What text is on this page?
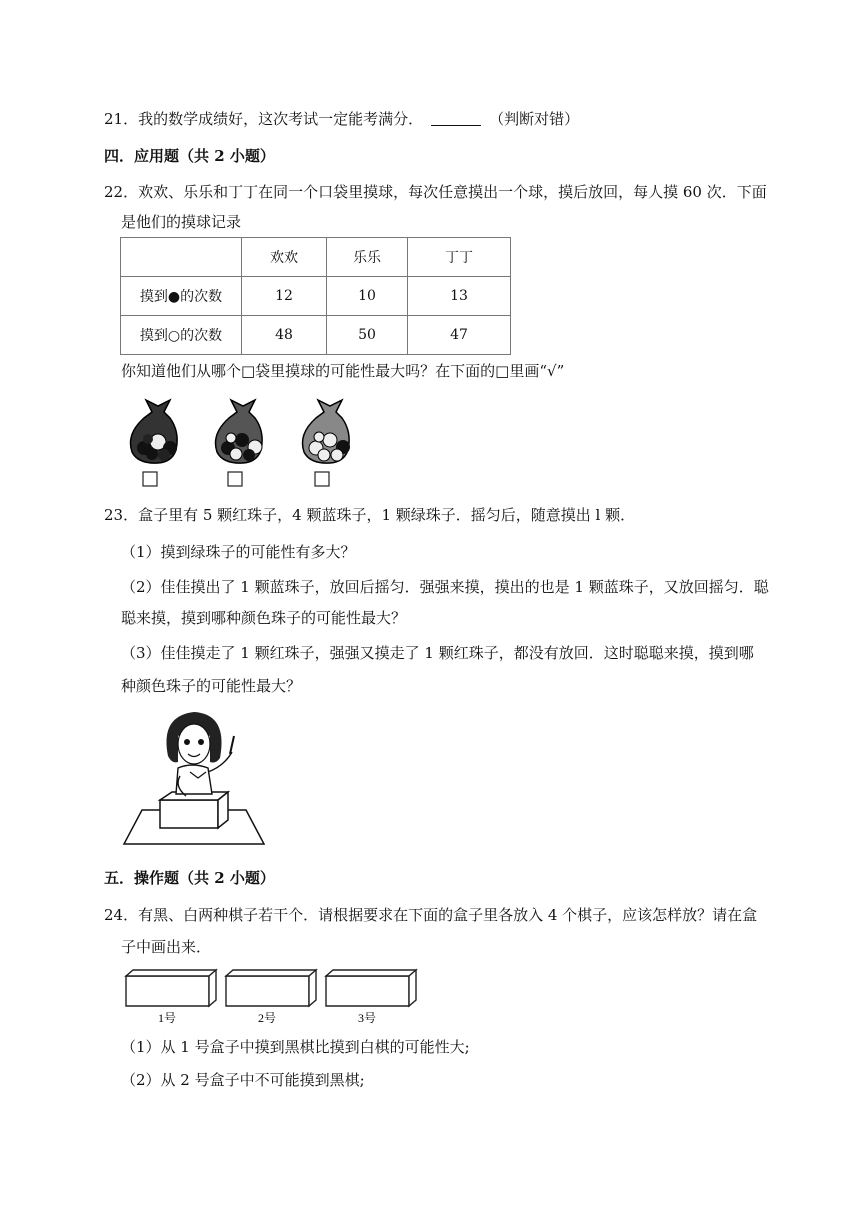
21．我的数学成绩好，这次考试一定能考满分．	（判断对错）
四．应用题（共 2 小题）
22．欢欢、乐乐和丁丁在同一个口袋里摸球，每次任意摸出一个球，摸后放回，每人摸 60 次．下面
是他们的摸球记录
	欢欢	乐乐	丁丁
摸到●的次数	12	10	13
摸到○的次数	48	50	47
你知道他们从哪个□袋里摸球的可能性最大吗？在下面的□里画“√”
23．盒子里有 5 颗红珠子，4 颗蓝珠子，1 颗绿珠子．摇匀后，随意摸出 l 颗．
（1）摸到绿珠子的可能性有多大？
（2）佳佳摸出了 1 颗蓝珠子，放回后摇匀．强强来摸，摸出的也是 1 颗蓝珠子，又放回摇匀．聪
聪来摸，摸到哪种颜色珠子的可能性最大？
（3）佳佳摸走了 1 颗红珠子，强强又摸走了 1 颗红珠子，都没有放回．这时聪聪来摸，摸到哪
种颜色珠子的可能性最大？
五．操作题（共 2 小题）
24．有黑、白两种棋子若干个．请根据要求在下面的盒子里各放入 4 个棋子，应该怎样放？请在盒
子中画出来．
1号	2号	3号
（1）从 1 号盒子中摸到黑棋比摸到白棋的可能性大;
（2）从 2 号盒子中不可能摸到黑棋;
